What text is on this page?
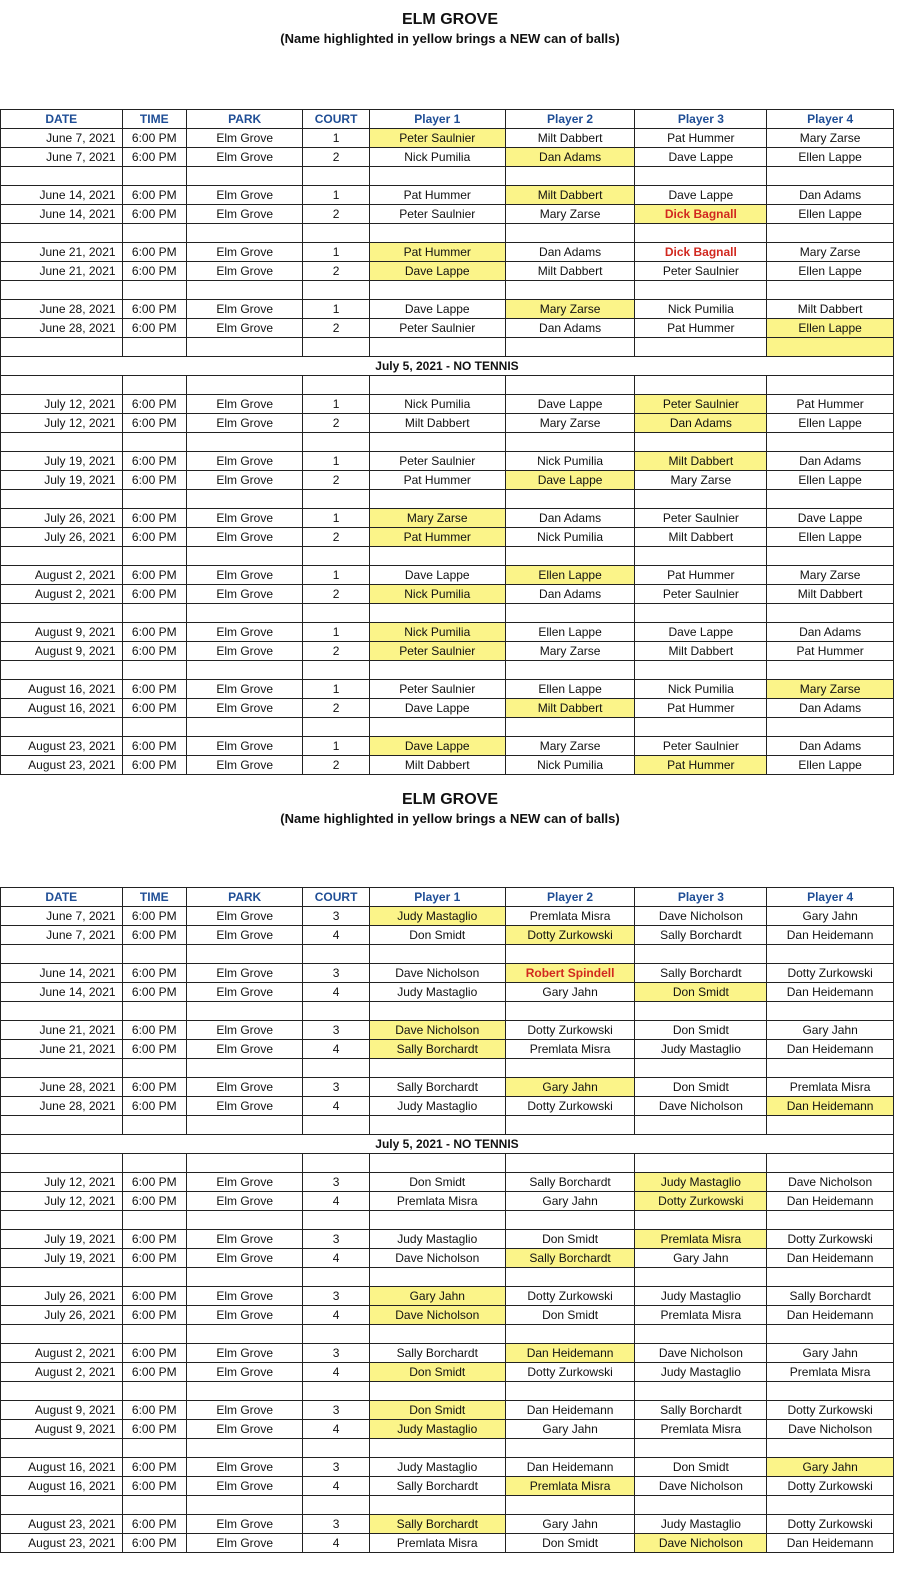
ELM GROVE
(Name highlighted in yellow brings a NEW can of balls)
DATE	TIME	PARK	COURT	Player 1	Player 2	Player 3	Player 4
June 7, 2021	6:00 PM	Elm Grove	1	Peter Saulnier	Milt Dabbert	Pat Hummer	Mary Zarse
June 7, 2021	6:00 PM	Elm Grove	2	Nick Pumilia	Dan Adams	Dave Lappe	Ellen Lappe

June 14, 2021	6:00 PM	Elm Grove	1	Pat Hummer	Milt Dabbert	Dave Lappe	Dan Adams
June 14, 2021	6:00 PM	Elm Grove	2	Peter Saulnier	Mary Zarse	Dick Bagnall	Ellen Lappe

June 21, 2021	6:00 PM	Elm Grove	1	Pat Hummer	Dan Adams	Dick Bagnall	Mary Zarse
June 21, 2021	6:00 PM	Elm Grove	2	Dave Lappe	Milt Dabbert	Peter Saulnier	Ellen Lappe

June 28, 2021	6:00 PM	Elm Grove	1	Dave Lappe	Mary Zarse	Nick Pumilia	Milt Dabbert
June 28, 2021	6:00 PM	Elm Grove	2	Peter Saulnier	Dan Adams	Pat Hummer	Ellen Lappe

July 5, 2021 - NO TENNIS							

July 12, 2021	6:00 PM	Elm Grove	1	Nick Pumilia	Dave Lappe	Peter Saulnier	Pat Hummer
July 12, 2021	6:00 PM	Elm Grove	2	Milt Dabbert	Mary Zarse	Dan Adams	Ellen Lappe

July 19, 2021	6:00 PM	Elm Grove	1	Peter Saulnier	Nick Pumilia	Milt Dabbert	Dan Adams
July 19, 2021	6:00 PM	Elm Grove	2	Pat Hummer	Dave Lappe	Mary Zarse	Ellen Lappe

July 26, 2021	6:00 PM	Elm Grove	1	Mary Zarse	Dan Adams	Peter Saulnier	Dave Lappe
July 26, 2021	6:00 PM	Elm Grove	2	Pat Hummer	Nick Pumilia	Milt Dabbert	Ellen Lappe

August 2, 2021	6:00 PM	Elm Grove	1	Dave Lappe	Ellen Lappe	Pat Hummer	Mary Zarse
August 2, 2021	6:00 PM	Elm Grove	2	Nick Pumilia	Dan Adams	Peter Saulnier	Milt Dabbert

August 9, 2021	6:00 PM	Elm Grove	1	Nick Pumilia	Ellen Lappe	Dave Lappe	Dan Adams
August 9, 2021	6:00 PM	Elm Grove	2	Peter Saulnier	Mary Zarse	Milt Dabbert	Pat Hummer

August 16, 2021	6:00 PM	Elm Grove	1	Peter Saulnier	Ellen Lappe	Nick Pumilia	Mary Zarse
August 16, 2021	6:00 PM	Elm Grove	2	Dave Lappe	Milt Dabbert	Pat Hummer	Dan Adams

August 23, 2021	6:00 PM	Elm Grove	1	Dave Lappe	Mary Zarse	Peter Saulnier	Dan Adams
August 23, 2021	6:00 PM	Elm Grove	2	Milt Dabbert	Nick Pumilia	Pat Hummer	Ellen Lappe
ELM GROVE
(Name highlighted in yellow brings a NEW can of balls)
DATE	TIME	PARK	COURT	Player 1	Player 2	Player 3	Player 4
June 7, 2021	6:00 PM	Elm Grove	3	Judy Mastaglio	Premlata Misra	Dave Nicholson	Gary Jahn
June 7, 2021	6:00 PM	Elm Grove	4	Don Smidt	Dotty Zurkowski	Sally Borchardt	Dan Heidemann

June 14, 2021	6:00 PM	Elm Grove	3	Dave Nicholson	Robert Spindell	Sally Borchardt	Dotty Zurkowski
June 14, 2021	6:00 PM	Elm Grove	4	Judy Mastaglio	Gary Jahn	Don Smidt	Dan Heidemann

June 21, 2021	6:00 PM	Elm Grove	3	Dave Nicholson	Dotty Zurkowski	Don Smidt	Gary Jahn
June 21, 2021	6:00 PM	Elm Grove	4	Sally Borchardt	Premlata Misra	Judy Mastaglio	Dan Heidemann

June 28, 2021	6:00 PM	Elm Grove	3	Sally Borchardt	Gary Jahn	Don Smidt	Premlata Misra
June 28, 2021	6:00 PM	Elm Grove	4	Judy Mastaglio	Dotty Zurkowski	Dave Nicholson	Dan Heidemann

July 5, 2021 - NO TENNIS							

July 12, 2021	6:00 PM	Elm Grove	3	Don Smidt	Sally Borchardt	Judy Mastaglio	Dave Nicholson
July 12, 2021	6:00 PM	Elm Grove	4	Premlata Misra	Gary Jahn	Dotty Zurkowski	Dan Heidemann

July 19, 2021	6:00 PM	Elm Grove	3	Judy Mastaglio	Don Smidt	Premlata Misra	Dotty Zurkowski
July 19, 2021	6:00 PM	Elm Grove	4	Dave Nicholson	Sally Borchardt	Gary Jahn	Dan Heidemann

July 26, 2021	6:00 PM	Elm Grove	3	Gary Jahn	Dotty Zurkowski	Judy Mastaglio	Sally Borchardt
July 26, 2021	6:00 PM	Elm Grove	4	Dave Nicholson	Don Smidt	Premlata Misra	Dan Heidemann

August 2, 2021	6:00 PM	Elm Grove	3	Sally Borchardt	Dan Heidemann	Dave Nicholson	Gary Jahn
August 2, 2021	6:00 PM	Elm Grove	4	Don Smidt	Dotty Zurkowski	Judy Mastaglio	Premlata Misra

August 9, 2021	6:00 PM	Elm Grove	3	Don Smidt	Dan Heidemann	Sally Borchardt	Dotty Zurkowski
August 9, 2021	6:00 PM	Elm Grove	4	Judy Mastaglio	Gary Jahn	Premlata Misra	Dave Nicholson

August 16, 2021	6:00 PM	Elm Grove	3	Judy Mastaglio	Dan Heidemann	Don Smidt	Gary Jahn
August 16, 2021	6:00 PM	Elm Grove	4	Sally Borchardt	Premlata Misra	Dave Nicholson	Dotty Zurkowski

August 23, 2021	6:00 PM	Elm Grove	3	Sally Borchardt	Gary Jahn	Judy Mastaglio	Dotty Zurkowski
August 23, 2021	6:00 PM	Elm Grove	4	Premlata Misra	Don Smidt	Dave Nicholson	Dan Heidemann
